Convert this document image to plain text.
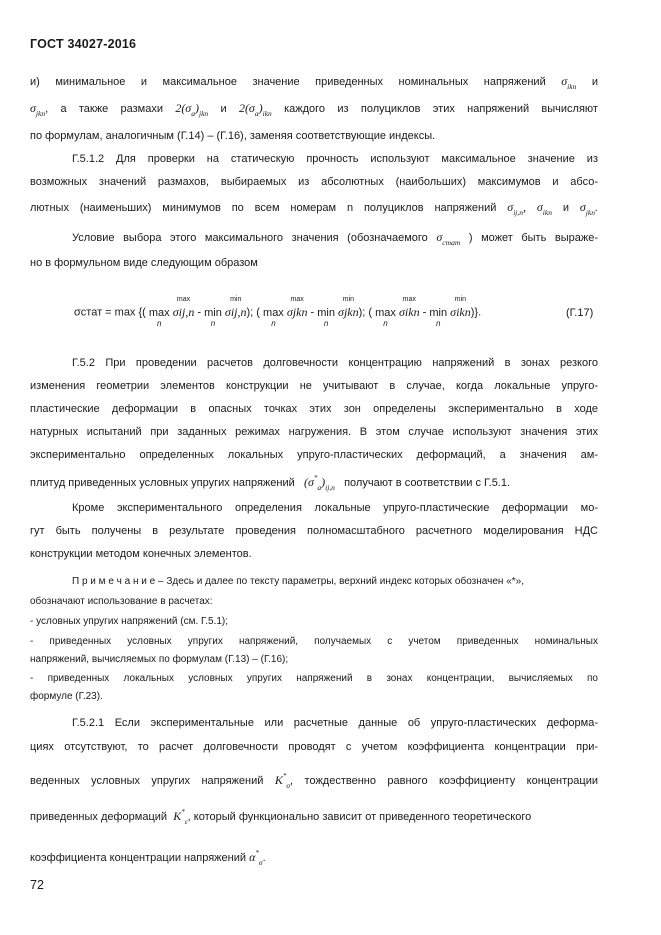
ГОСТ 34027-2016
и) минимальное и максимальное значение приведенных номинальных напряжений $\sigma_{ikn}$ и
$\sigma_{jkn}$, а также размахи $2(\sigma_a)_{jkn}$ и $2(\sigma_a)_{ikn}$ каждого из полуциклов этих напряжений вычисляют
по формулам, аналогичным (Г.14) – (Г.16), заменяя соответствующие индексы.
Г.5.1.2 Для проверки на статическую прочность используют максимальное значение из
возможных значений размахов, выбираемых из абсолютных (наибольших) максимумов и абсо-
лютных (наименьших) минимумов по всем номерам n полуциклов напряжений $\sigma_{ij,n}$, $\sigma_{ikn}$ и $\sigma_{jkn}$.
Условие выбора этого максимального значения (обозначаемого $\sigma_{стат}$ ) может быть выраже-
но в формульном виде следующим образом
σстат = max {( max
n

max
σij,n - min
n

min
σij,n); ( max
n

max
σjkn - min
n

min
σjkn); ( max
n

max
σikn - min
n

min
σikn)}.	(Г.17)
Г.5.2 При проведении расчетов долговечности концентрацию напряжений в зонах резкого
изменения геометрии элементов конструкции не учитывают в случае, когда локальные упруго-
пластические деформации в опасных точках этих зон определены экспериментально в ходе
натурных испытаний при заданных режимах нагружения. В этом случае используют значения этих
экспериментально определенных локальных упруго-пластических деформаций, а значения ам-
плитуд приведенных условных упругих напряжений $(\sigma^*_a)_{ij,n}$ получают в соответствии с Г.5.1.
Кроме экспериментального определения локальные упруго-пластические деформации мо-
гут быть получены в результате проведения полномасштабного расчетного моделирования НДС
конструкции методом конечных элементов.
П р и м е ч а н и е – Здесь и далее по тексту параметры, верхний индекс которых обозначен «*»,
обозначают использование в расчетах:
- условных упругих напряжений (см. Г.5.1);
- приведенных условных упругих напряжений, получаемых с учетом приведенных номинальных
напряжений, вычисляемых по формулам (Г.13) – (Г.16);
- приведенных локальных условных упругих напряжений в зонах концентрации, вычисляемых по
формуле (Г.23).
Г.5.2.1 Если экспериментальные или расчетные данные об упруго-пластических деформа-
циях отсутствуют, то расчет долговечности проводят с учетом коэффициента концентрации при-
веденных условных упругих напряжений $K^*_\sigma$, тождественно равного коэффициенту концентрации
приведенных деформаций $K^*_\varepsilon$, который функционально зависит от приведенного теоретического
коэффициента концентрации напряжений $\alpha^*_\sigma$.
72
